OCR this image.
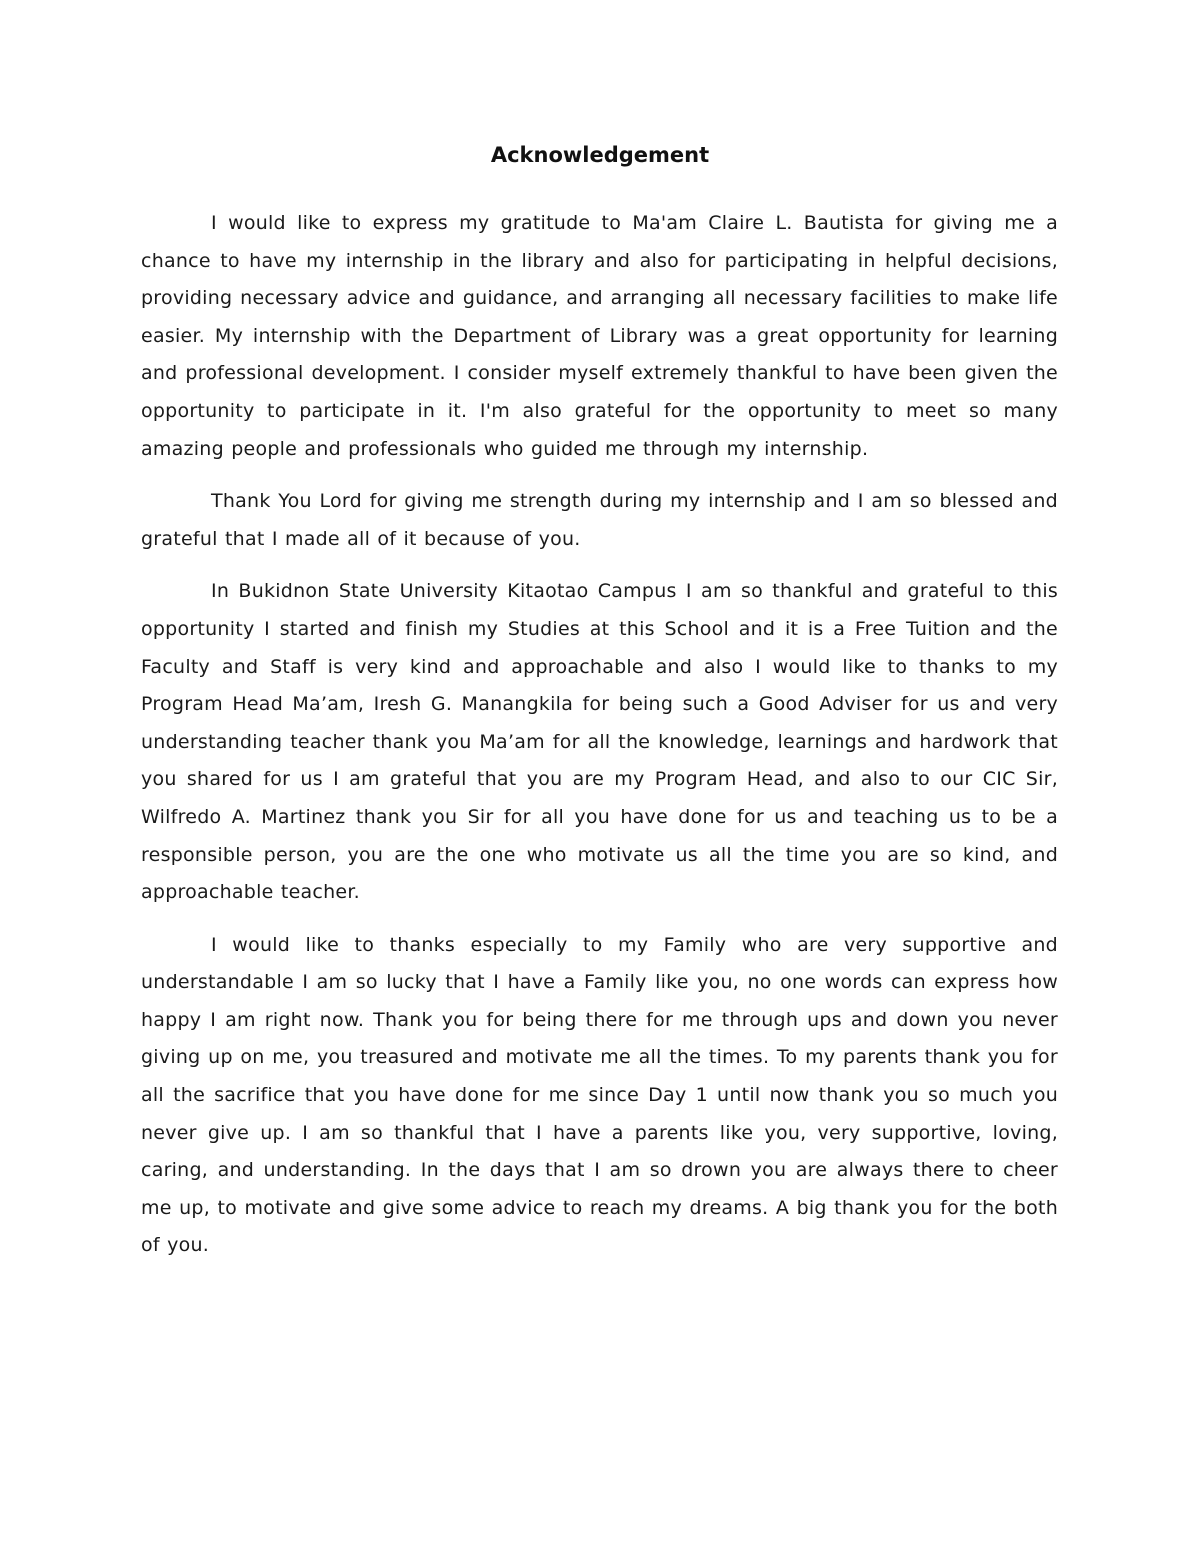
Acknowledgement

I would like to express my gratitude to Ma'am Claire L. Bautista for giving me a chance to have my internship in the library and also for participating in helpful decisions, providing necessary advice and guidance, and arranging all necessary facilities to make life easier. My internship with the Department of Library was a great opportunity for learning and professional development. I consider myself extremely thankful to have been given the opportunity to participate in it. I'm also grateful for the opportunity to meet so many amazing people and professionals who guided me through my internship.

Thank You Lord for giving me strength during my internship and I am so blessed and grateful that I made all of it because of you.

In Bukidnon State University Kitaotao Campus I am so thankful and grateful to this opportunity I started and finish my Studies at this School and it is a Free Tuition and the Faculty and Staff is very kind and approachable and also I would like to thanks to my Program Head Ma’am, Iresh G. Manangkila for being such a Good Adviser for us and very understanding teacher thank you Ma’am for all the knowledge, learnings and hardwork that you shared for us I am grateful that you are my Program Head, and also to our CIC Sir, Wilfredo A. Martinez thank you Sir for all you have done for us and teaching us to be a responsible person, you are the one who motivate us all the time you are so kind, and approachable teacher.

I would like to thanks especially to my Family who are very supportive and understandable I am so lucky that I have a Family like you, no one words can express how happy I am right now. Thank you for being there for me through ups and down you never giving up on me, you treasured and motivate me all the times. To my parents thank you for all the sacrifice that you have done for me since Day 1 until now thank you so much you never give up. I am so thankful that I have a parents like you, very supportive, loving, caring, and understanding. In the days that I am so drown you are always there to cheer me up, to motivate and give some advice to reach my dreams. A big thank you for the both of you.
